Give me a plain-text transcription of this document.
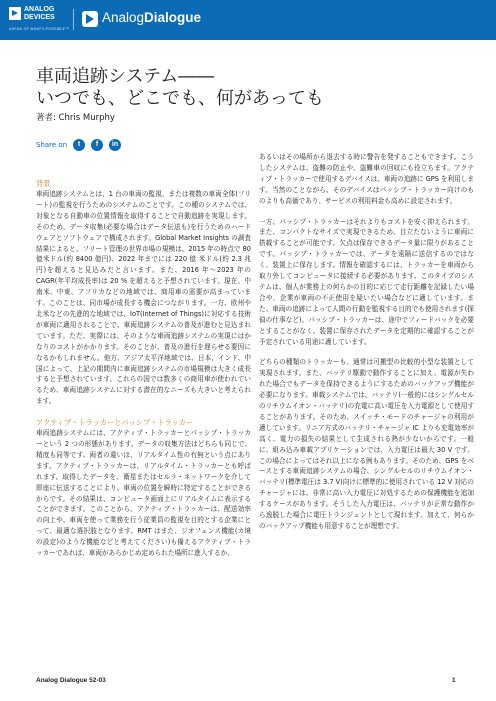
ANALOG
DEVICES
AHEAD OF WHAT'S POSSIBLE™
AnalogDialogue
車両追跡システム――
いつでも、どこでも、何があっても
著者: Chris Murphy
Share on	t	f	in
背景

車両追跡システムとは、1 台の車両の監視、または複数の車両全体(フリート)の監視を行うためのシステムのことです。この種のシステムでは、対象となる自動車の位置情報を取得することで自動追跡を実現します。そのため、データ収集(必要な場合はデータ伝送も)を行うためのハードウェアとソフトウェアで構成されます。Global Market Insights の調査結果によると、フリート管理の世界市場の規模は、2015 年の時点で 80 億米ドル(約 8400 億円)、2022 年までには 220 億 米ドル(約 2.3 兆円)を超えると見込みだと言います。また、2016 年～2023 年の CAGR(年平均成長率)は 20 % を超えると予想されています。現在、中南米、中東、アフリカなどの地域では、商用車の需要が高まっています。このことは、同市場が成長する機会につながります。一方、欧州や北米などの先進的な地域では、IoT(Internet of Things)に対応する技術が車両に適用されることで、車両追跡システムの普及が進むと見込まれています。ただ、実際には、そのような車両追跡システムの実現にはかなりのコストがかかります。そのことが、普及の進行を遅らせる要因になるかもしれません。他方、アジア太平洋地域では、日本、インド、中国によって、上記の期間内に車両追跡システムの市場規模は大きく成長すると予想されています。これらの国では数多くの商用車が使われているため、車両追跡システムに対する潜在的なニーズも大きいと考えられます。

アクティブ・トラッカーとパッシブ・トラッカー

車両追跡システムには、アクティブ・トラッカーとパッシブ・トラッカーという 2 つの形態があります。データの収集方法はどちらも同じで、精度も同等です。両者の違いは、リアルタイム性の有無という点にあります。アクティブ・トラッカーは、リアルタイム・トラッカーとも呼ばれます。取得したデータを、衛星またはセルラ・ネットワークを介して即座に伝送することにより、車両の位置を瞬時に特定することができるからです。その結果は、コンピュータ画面上にリアルタイムに表示することができます。このことから、アクティブ・トラッカーは、配送効率の向上や、車両を使って業務を行う従業員の監視を目的とする企業にとって、最適な選択肢となります。RMT はまた、ジオフェンス機能(カ境の設定)のような機能などと考えてください)も備えるアクティブ・トラッカーであれば、車両があらかじめ定められた場所に進入するか、

あるいはその場所から退去する時に警告を発することもできます。こうしたシステムは、盗難の防止や、盗難車の回収にも役立ちます。アクティブ・トラッカーで使用するデバイスは、車両の追跡に GPS を利用します。当然のことながら、そのデバイスはパッシブ・トラッカー向けのものよりも高価であり、サービスの利用料金も高めに設定されます。

一方、パッシブ・トラッカーはそれよりもコストを安く抑えられます。また、コンパクトなサイズで実現できるため、目立たないように車両に搭載することが可能です。欠点は保存できるデータ量に限りがあることです。パッシブ・トラッカーでは、データを遠隔に送信するのではなく、装置上に保存します。情報を確認するには、トラッカーを車両から取り外してコンピュータに接続する必要があります。このタイプのシステムは、個人が業務上の何らかの目的に応じて走行距離を記録したい場合や、企業が車両の不正使用を疑いたい場合などに適しています。また、車両の追跡によって人間の行動を監視する目的でも使用されます(探偵の仕事など)。パッシブ・トラッカーは、途中でフィードバックを必要とすることがなく、装置に保存されたデータを定期的に確認することが予定されている用途に適しています。

どちらの種類のトラッカーも、通常は可搬型の比較的小型な装置として実現されます。また、バッテリ駆動で動作することに加え、電源が失われた場合でもデータを保持できるようにするためのバックアップ機能が必要になります。車載システムでは、バッテリ(一般的にはシングルセルのリチウムイオン・バッテリ)の充電に高い電圧を入力電源として使用することがあります。そのため、スイッチ・モードのチャージャの利用が適しています。リニア方式のバッテリ・チャージャ IC よりも充電効率が高く、電力の損失の結果として生成される熱が少ないからです。一般に、組み込み車載アプリケーションでは、入力電圧は最大 30 V です。この場合によってはそれ以上になる例もあります。そのため、GPS をベースとする車両追跡システムの場合、シングルセルのリチウムイオン・バッテリ(標準電圧は 3.7 V)向けに標準的に使用されている 12 V 対応のチャージャには、非常に高い入力電圧に対処するための保護機能を追加するケースがあります。そうした入力電圧は、バッテリが正常な動作から逸脱した場合に電圧トランジェントとして現れます。加えて、何らかのバックアップ機能も用意することが理想です。

Analog Dialogue 52-03	1
